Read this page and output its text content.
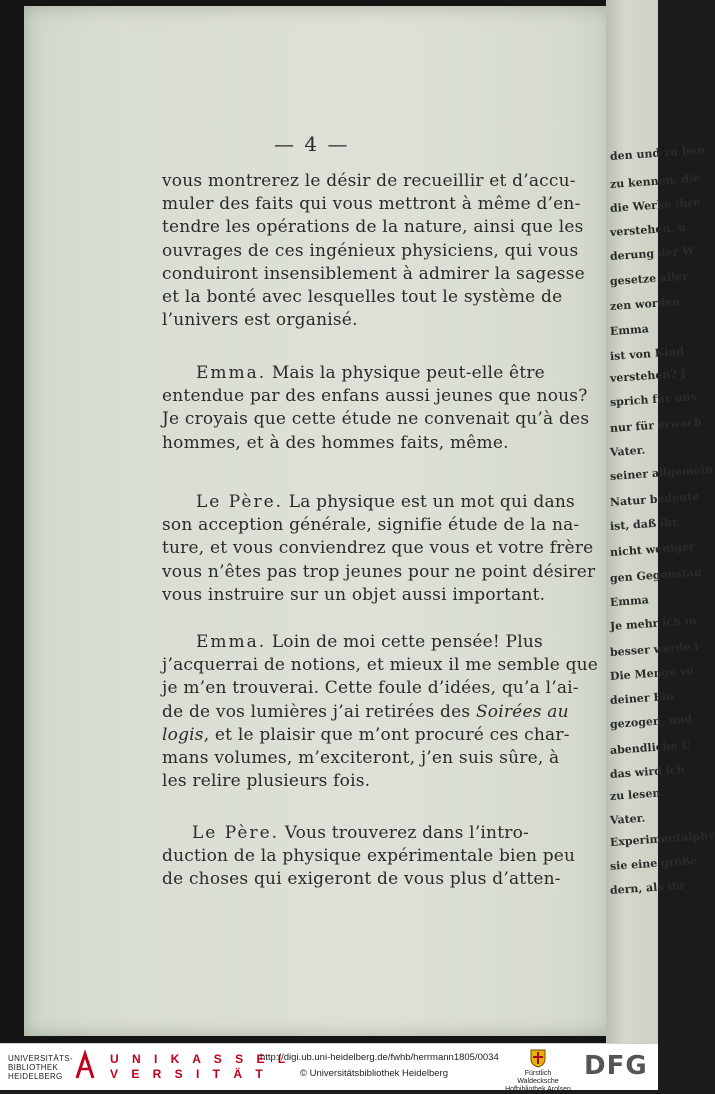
— 4 —

vous montrerez le désir de recueillir et d’accu-
muler des faits qui vous mettront à même d’en-
tendre les opérations de la nature, ainsi que les
ouvrages de ces ingénieux physiciens, qui vous
conduiront insensiblement à admirer la sagesse
et la bonté avec lesquelles tout le système de
l’univers est organisé.

Emma. Mais la physique peut-elle être
entendue par des enfans aussi jeunes que nous?
Je croyais que cette étude ne convenait qu’à des
hommes, et à des hommes faits, même.

Le Père. La physique est un mot qui dans
son acception générale, signifie étude de la na-
ture, et vous conviendrez que vous et votre frère
vous n’êtes pas trop jeunes pour ne point désirer
vous instruire sur un objet aussi important.

Emma. Loin de moi cette pensée! Plus
j’acquerrai de notions, et mieux il me semble que
je m’en trouverai. Cette foule d’idées, qu’a l’ai-
de de vos lumières j’ai retirées des Soirées au
logis, et le plaisir que m’ont procuré ces char-
mans volumes, m’exciteront, j’en suis sûre, à
les relire plusieurs fois.

Le Père. Vous trouverez dans l’intro-
duction de la physique expérimentale bien peu
de choses qui exigeront de vous plus d’atten-

den und zu ben
zu kennen, die
die Werke ihre
verstehen, u
derung der W
gesetze aller
zen worden.
Emma
ist von Kind
verstehen? J
sprich für uns
nur für erwach
Vater.
seiner allgemein
Natur bedeute
ist, daß ihr
nicht weniger
gen Gegenstan
Emma
Je mehr ich m
besser werde i
Die Menge vo
deiner Ein
gezogen, und
abendliche U
das wird ich
zu lesen.
Vater.
Experimentalphy
sie eine große
dern, als ihr
UNIVERSITÄTS-
BIBLIOTHEK
HEIDELBERG
U N I K A S S E L
V E R S I T Ä T
http://digi.ub.uni-heidelberg.de/fwhb/herrmann1805/0034
© Universitätsbibliothek Heidelberg	Fürstlich Waldecksche
Hofbibliothek Arolsen
DFG
